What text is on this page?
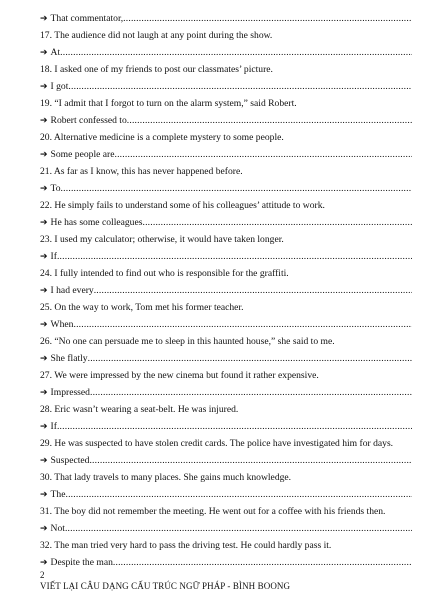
➔ That commentator,
.....
17. The audience did not laugh at any point during the show.
➔ At
.....
18. I asked one of my friends to post our classmates’ picture.
➔ I got
.....
19. “I admit that I forgot to turn on the alarm system,” said Robert.
➔ Robert confessed to
.....
20. Alternative medicine is a complete mystery to some people.
➔ Some people are
.....
21. As far as I know, this has never happened before.
➔ To
.....
22. He simply fails to understand some of his colleagues’ attitude to work.
➔ He has some colleagues
.....
23. I used my calculator; otherwise, it would have taken longer.
➔ If
.....
24. I fully intended to find out who is responsible for the graffiti.
➔ I had every
.....
25. On the way to work, Tom met his former teacher.
➔ When
.....
26. “No one can persuade me to sleep in this haunted house,” she said to me.
➔ She flatly
.....
27. We were impressed by the new cinema but found it rather expensive.
➔ Impressed
.....
28. Eric wasn’t wearing a seat-belt. He was injured.
➔ If
.....
29. He was suspected to have stolen credit cards. The police have investigated him for days.
➔ Suspected
.....
30. That lady travels to many places. She gains much knowledge.
➔ The
.....
31. The boy did not remember the meeting. He went out for a coffee with his friends then.
➔ Not
.....
32. The man tried very hard to pass the driving test. He could hardly pass it.
➔ Despite the man
.....
2
VIẾT LẠI CÂU DẠNG CẤU TRÚC NGỮ PHÁP - BÌNH BOONG
